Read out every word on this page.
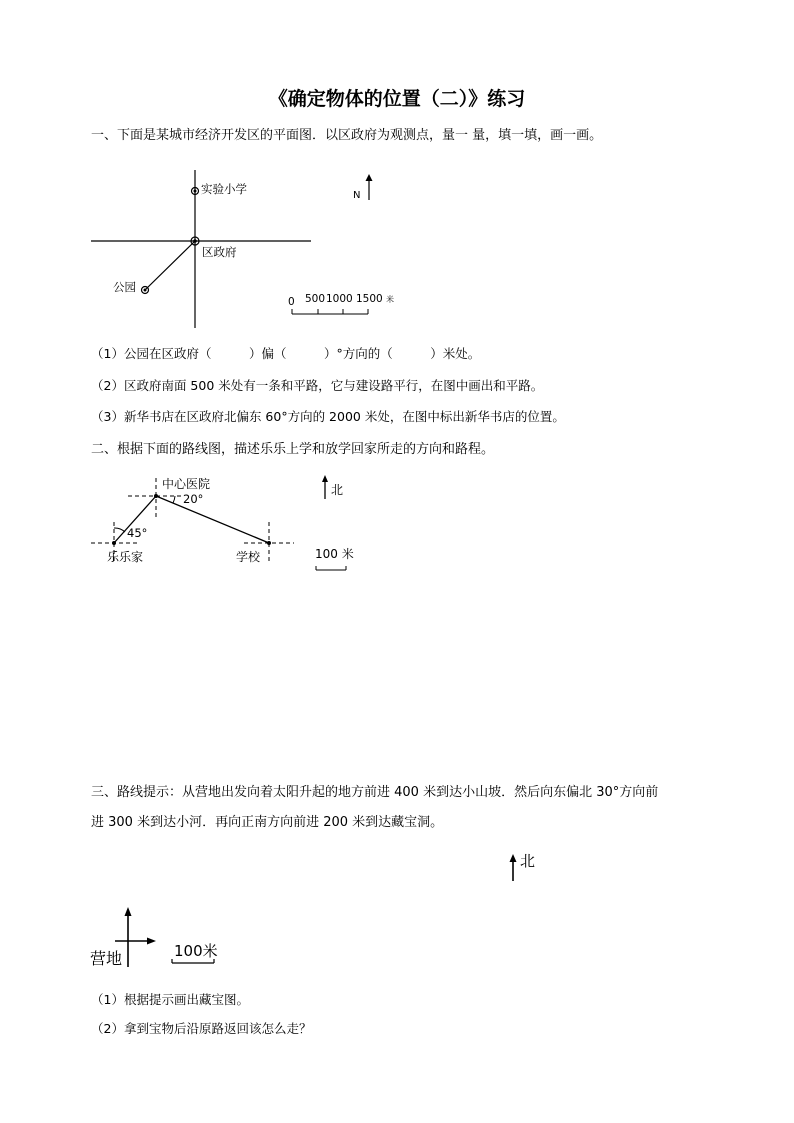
《确定物体的位置（二）》练习
一、下面是某城市经济开发区的平面图．以区政府为观测点，量一 量，填一填，画一画。
实验小学
区政府
公园
N
0 500 1000 1500 米
（1）公园在区政府（　　　）偏（　　　）°方向的（　　　）米处。
（2）区政府南面 500 米处有一条和平路，它与建设路平行，在图中画出和平路。
（3）新华书店在区政府北偏东 60°方向的 2000 米处，在图中标出新华书店的位置。
二、根据下面的路线图，描述乐乐上学和放学回家所走的方向和路程。
中心医院
20°
45°
乐乐家	学校
北
100 米
三、路线提示：从营地出发向着太阳升起的地方前进 400 米到达小山坡．然后向东偏北 30°方向前
进 300 米到达小河．再向正南方向前进 200 米到达藏宝洞。
北
营地	100米
（1）根据提示画出藏宝图。
（2）拿到宝物后沿原路返回该怎么走？
